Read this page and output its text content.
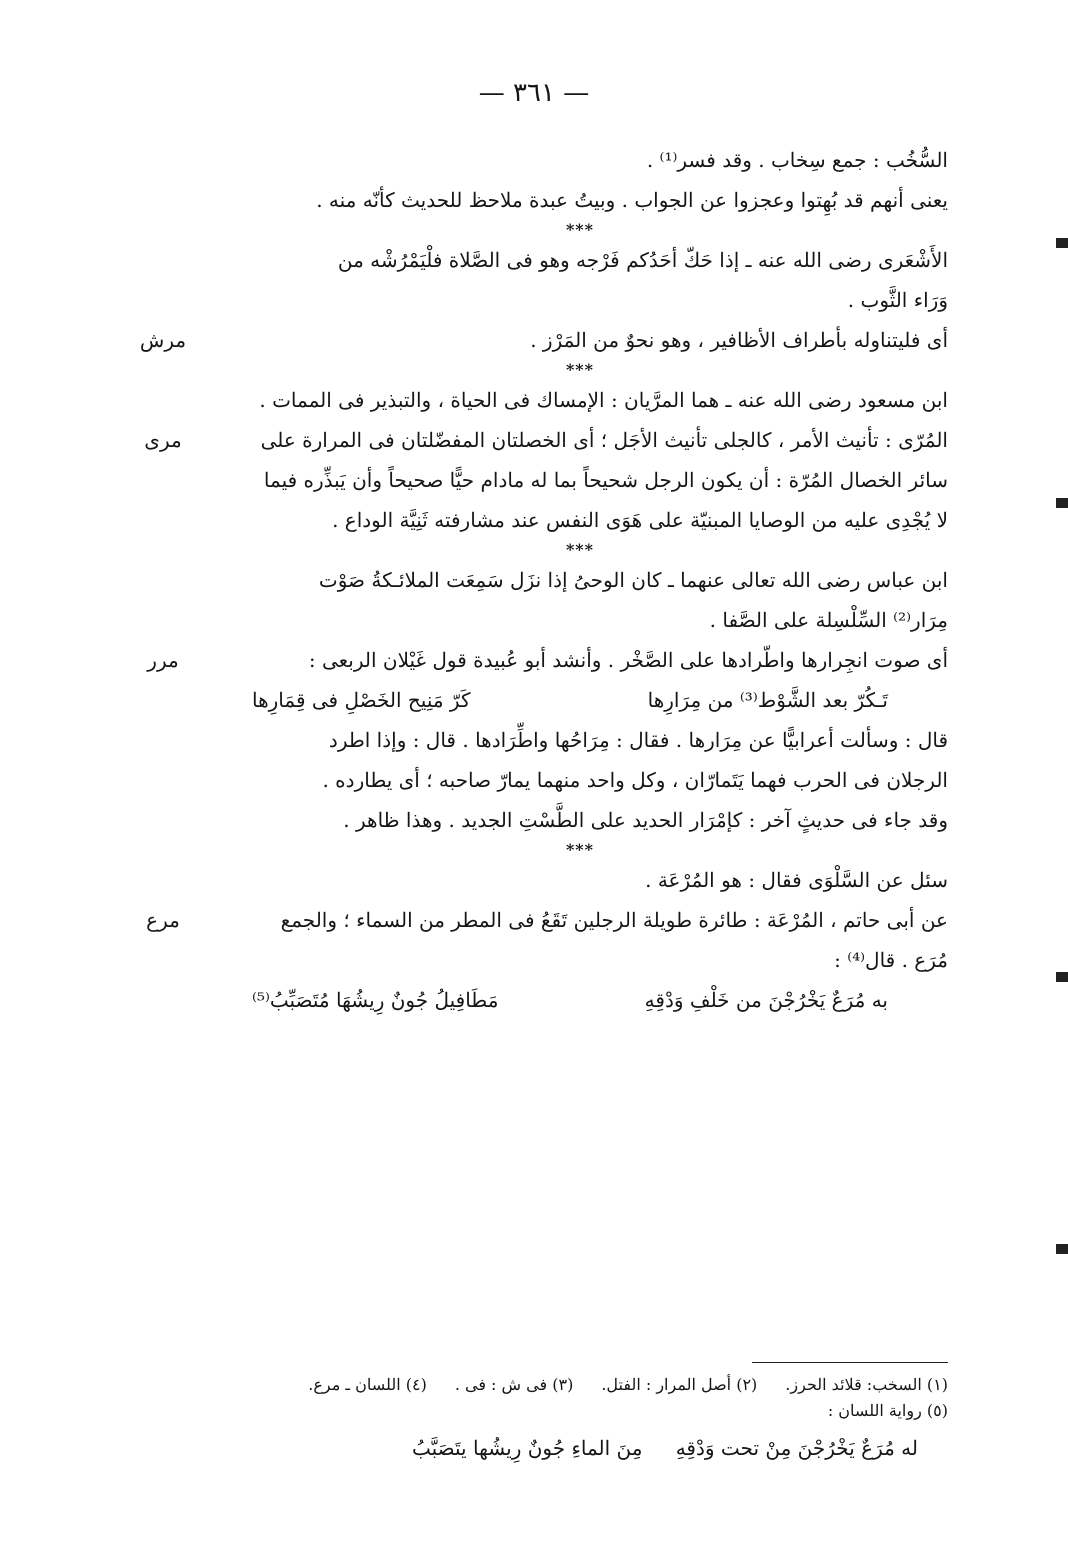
— ٣٦١ —

السُّخُب : جمع سِخاب . وقد فسر⁽¹⁾ .

يعنى أنهم قد بُهِتوا وعجزوا عن الجواب . وبيتُ عبدة ملاحظ للحديث كأنّه منه .

***

الأَشْعَرى رضى الله عنه ـ إذا حَكّ أحَدُكم فَرْجه وهو فى الصَّلاة فلْيَمْرُشْه من

وَرَاء الثَّوب .

أى فليتناوله بأطراف الأظافير ، وهو نحوٌ من المَرْز .

***

ابن مسعود رضى الله عنه ـ هما المرَّيان : الإمساك فى الحياة ، والتبذير فى الممات .

المُرّى : تأنيث الأمر ، كالجلى تأنيث الأجَل ؛ أى الخصلتان المفضّلتان فى المرارة على

سائر الخصال المُرّة : أن يكون الرجل شحيحاً بما له مادام حيًّا صحيحاً وأن يَبذِّره فيما

لا يُجْدِى عليه من الوصايا المبنيّة على هَوَى النفس عند مشارفته ثَنِيَّة الوداع .

***

ابن عباس رضى الله تعالى عنهما ـ كان الوحىُ إذا نزَل سَمِعَت الملائـكةُ صَوْت

مِرَار⁽²⁾ السِّلْسِلة على الصَّفا .

أى صوت انجِرارها واطّرادها على الصَّخْر . وأنشد أبو عُبيدة قول غَيْلان الربعى :

تَـكُرّ بعد الشَّوْط⁽³⁾ من مِرَارِها
كَرّ مَنِيح الخَصْلِ فى قِمَارِها

قال : وسألت أعرابيًّا عن مِرَارها . فقال : مِرَاحُها واطِّرَادها . قال : وإذا اطرد

الرجلان فى الحرب فهما يَتَمارّان ، وكل واحد منهما يمارّ صاحبه ؛ أى يطارده .

وقد جاء فى حديثٍ آخر : كإمْرَار الحديد على الطَّسْتِ الجديد . وهذا ظاهر .

***

سئل عن السَّلْوَى فقال : هو المُرْعَة .

عن أبى حاتم ، المُرْعَة : طائرة طويلة الرجلين تَقَعُ فى المطر من السماء ؛ والجمع

مُرَع . قال⁽⁴⁾ :

به مُرَعٌ يَخْرُجْنَ من خَلْفِ وَدْقِهِ
مَطَافِيلُ جُونٌ رِيشُهَا مُتَصَبِّبُ⁽⁵⁾
مرش
مرى
مرر
مرع
(١) السخب: قلائد الحرز.
(٢) أصل المرار : الفتل.
(٣) فى ش : فى .
(٤) اللسان ـ مرع.
(٥) رواية اللسان :
له مُرَعٌ يَخْرُجْنَ مِنْ تحت وَدْقِهِ
مِنَ الماءِ جُونٌ رِيشُها يتَصَبَّبُ
